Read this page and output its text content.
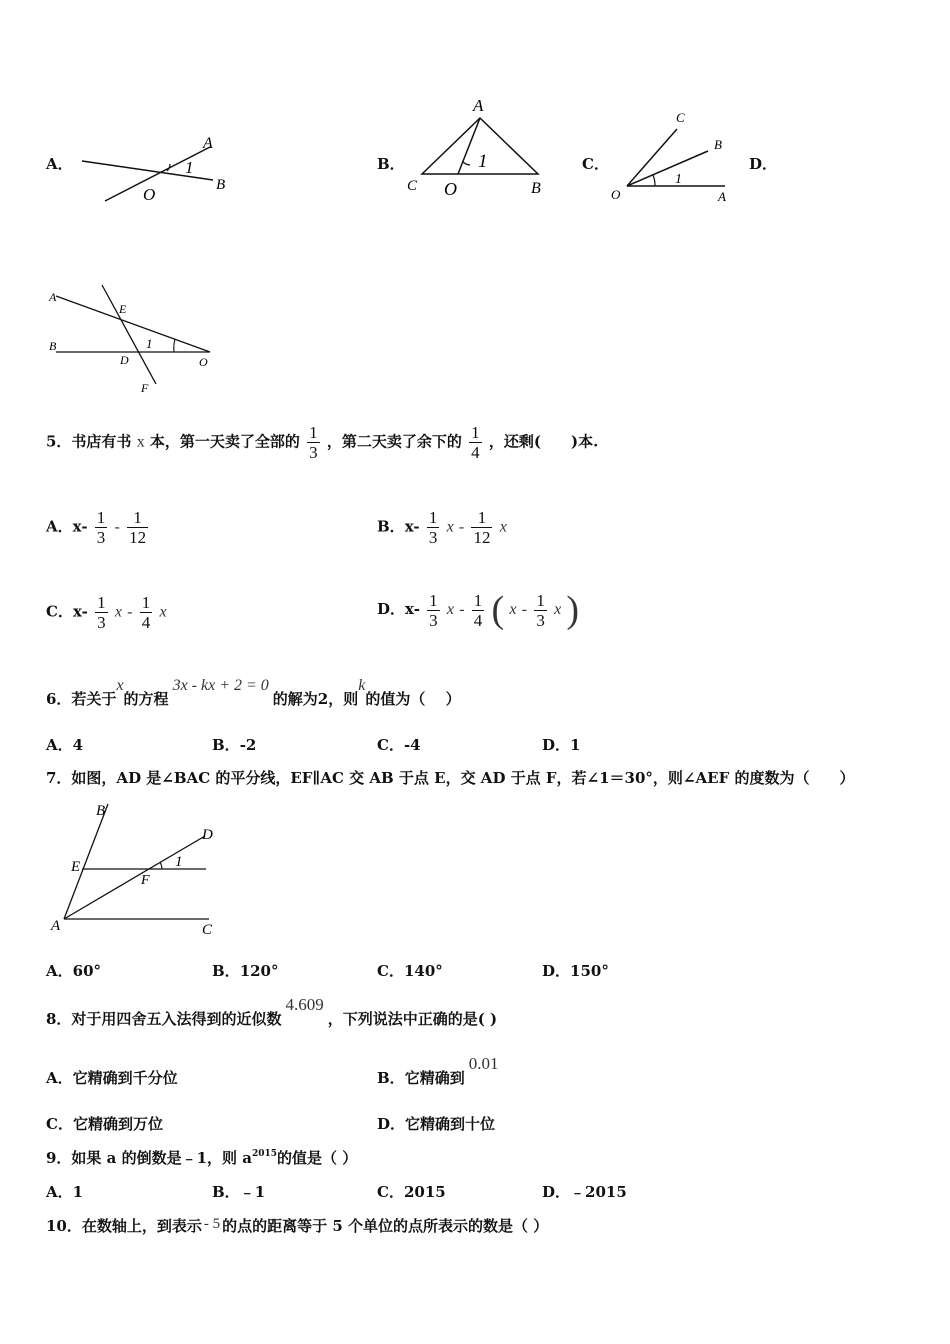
A．
A
1
O	B
B．
A
1
C O	B
C．
C
B
1
O	A
D．
A
E
B	1
D	O
F
5．书店有书 x 本，第一天卖了全部的 $\frac{1}{3}$ ，第二天卖了余下的 $\frac{1}{4}$ ，还剩(　　)本.
A．$x- \frac{1}{3} - \frac{1}{12}$	B．$x- \frac{1}{3}$ x - $\frac{1}{12}$ x
C．$x- \frac{1}{3}$ x - $\frac{1}{4}$ x	D．$x- \frac{1}{3}$ x - $\frac{1}{4}$ ( x - $\frac{1}{3}$ x )
6．若关于x的方程3x - kx + 2 = 0的解为2，则k的值为（　 ）
A．4	B．-2	C．-4	D．1
7．如图，AD 是∠BAC 的平分线，EF∥AC 交 AB 于点 E，交 AD 于点 F，若∠1＝30°，则∠AEF 的度数为（　　）
B
D
E
F
1
A	C
A．60°	B．120°	C．140°	D．150°
8．对于用四舍五入法得到的近似数4.609，下列说法中正确的是( )
A．它精确到千分位	B．它精确到0.01
C．它精确到万位	D．它精确到十位
9．如果 a 的倒数是﹣1，则 $a^{2015}$的值是（ ）
A．1	B．﹣1	C．2015	D．﹣2015
10．在数轴上，到表示 - 5 的点的距离等于 5 个单位的点所表示的数是（ ）
